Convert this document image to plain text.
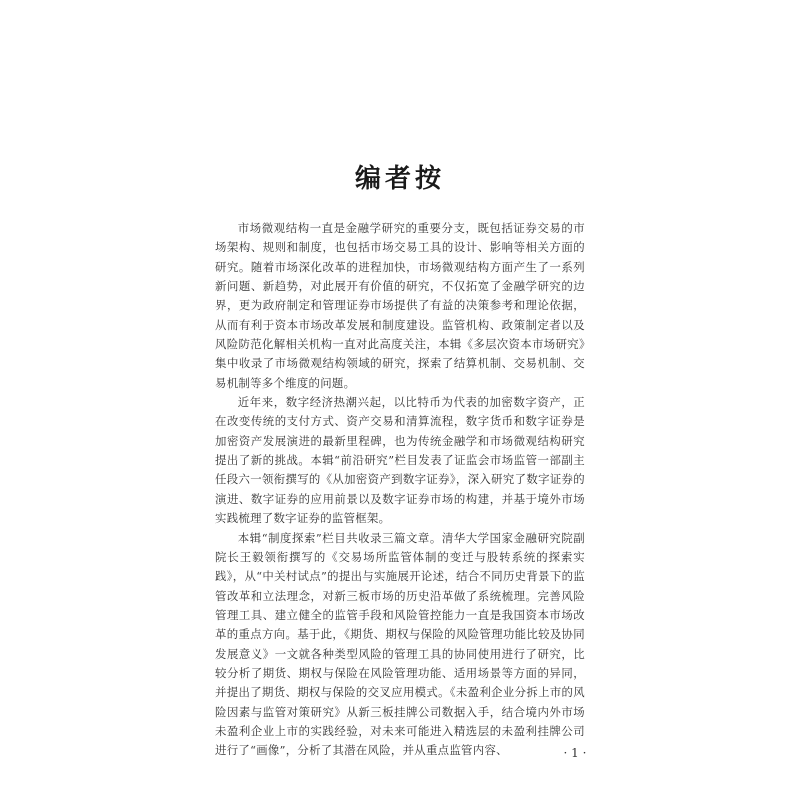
编者按

市场微观结构一直是金融学研究的重要分支，既包括证券交易的市场架构、规则和制度，也包括市场交易工具的设计、影响等相关方面的研究。随着市场深化改革的进程加快，市场微观结构方面产生了一系列新问题、新趋势，对此展开有价值的研究，不仅拓宽了金融学研究的边界，更为政府制定和管理证券市场提供了有益的决策参考和理论依据，从而有利于资本市场改革发展和制度建设。监管机构、政策制定者以及风险防范化解相关机构一直对此高度关注，本辑《多层次资本市场研究》集中收录了市场微观结构领域的研究，探索了结算机制、交易机制、交易机制等多个维度的问题。

近年来，数字经济热潮兴起，以比特币为代表的加密数字资产，正在改变传统的支付方式、资产交易和清算流程，数字货币和数字证券是加密资产发展演进的最新里程碑，也为传统金融学和市场微观结构研究提出了新的挑战。本辑“前沿研究”栏目发表了证监会市场监管一部副主任段六一领衔撰写的《从加密资产到数字证券》，深入研究了数字证券的演进、数字证券的应用前景以及数字证券市场的构建，并基于境外市场实践梳理了数字证券的监管框架。

本辑“制度探索”栏目共收录三篇文章。清华大学国家金融研究院副院长王毅领衔撰写的《交易场所监管体制的变迁与股转系统的探索实践》，从“中关村试点”的提出与实施展开论述，结合不同历史背景下的监管改革和立法理念，对新三板市场的历史沿革做了系统梳理。完善风险管理工具、建立健全的监管手段和风险管控能力一直是我国资本市场改革的重点方向。基于此，《期货、期权与保险的风险管理功能比较及协同发展意义》一文就各种类型风险的管理工具的协同使用进行了研究，比较分析了期货、期权与保险在风险管理功能、适用场景等方面的异同，并提出了期货、期权与保险的交叉应用模式。《未盈利企业分拆上市的风险因素与监管对策研究》从新三板挂牌公司数据入手，结合境内外市场未盈利企业上市的实践经验，对未来可能进入精选层的未盈利挂牌公司进行了“画像”，分析了其潜在风险，并从重点监管内容、	· 1 ·
